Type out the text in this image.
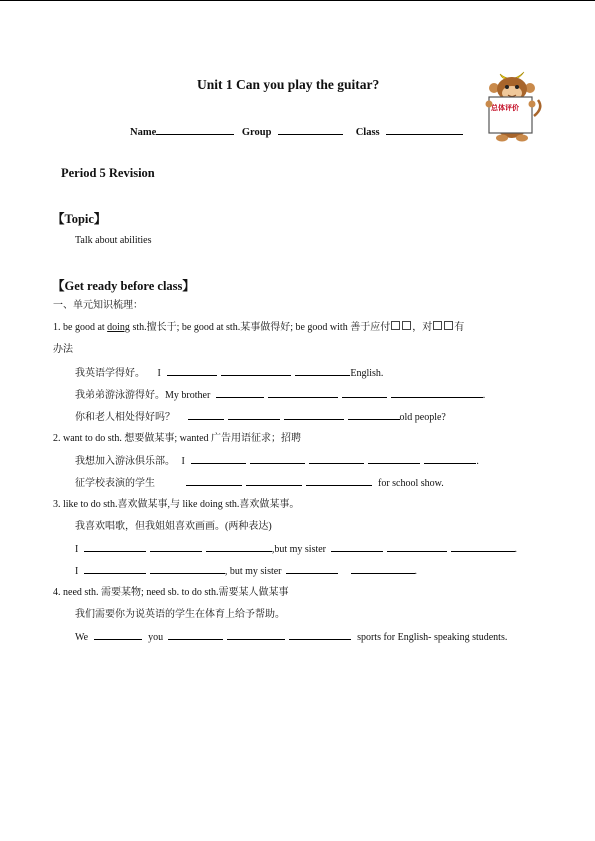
Unit 1 Can you play the guitar?
Name	Group	Class
总体评价
Period 5 Revision
【Topic】
Talk about abilities
【Get ready before class】
一、单元知识梳理：
1. be good at doing sth.擅长于; be good at sth.某事做得好; be good with 善于应付 ，对 有
办法
我英语学得好。 I	English.
我弟弟游泳游得好。My brother	.
你和老人相处得好吗？	old people?
2. want to do sth. 想要做某事; wanted 广告用语征求；招聘
我想加入游泳俱乐部。 I	.
征学校表演的学生	for school show.
3. like to do sth.喜欢做某事,与 like doing sth.喜欢做某事。
我喜欢唱歌，但我姐姐喜欢画画。(两种表达)
I	,but my sister	.
I	, but my sister	.
4. need sth. 需要某物; need sb. to do sth.需要某人做某事
我们需要你为说英语的学生在体育上给予帮助。
We	you	sports for English- speaking students.
